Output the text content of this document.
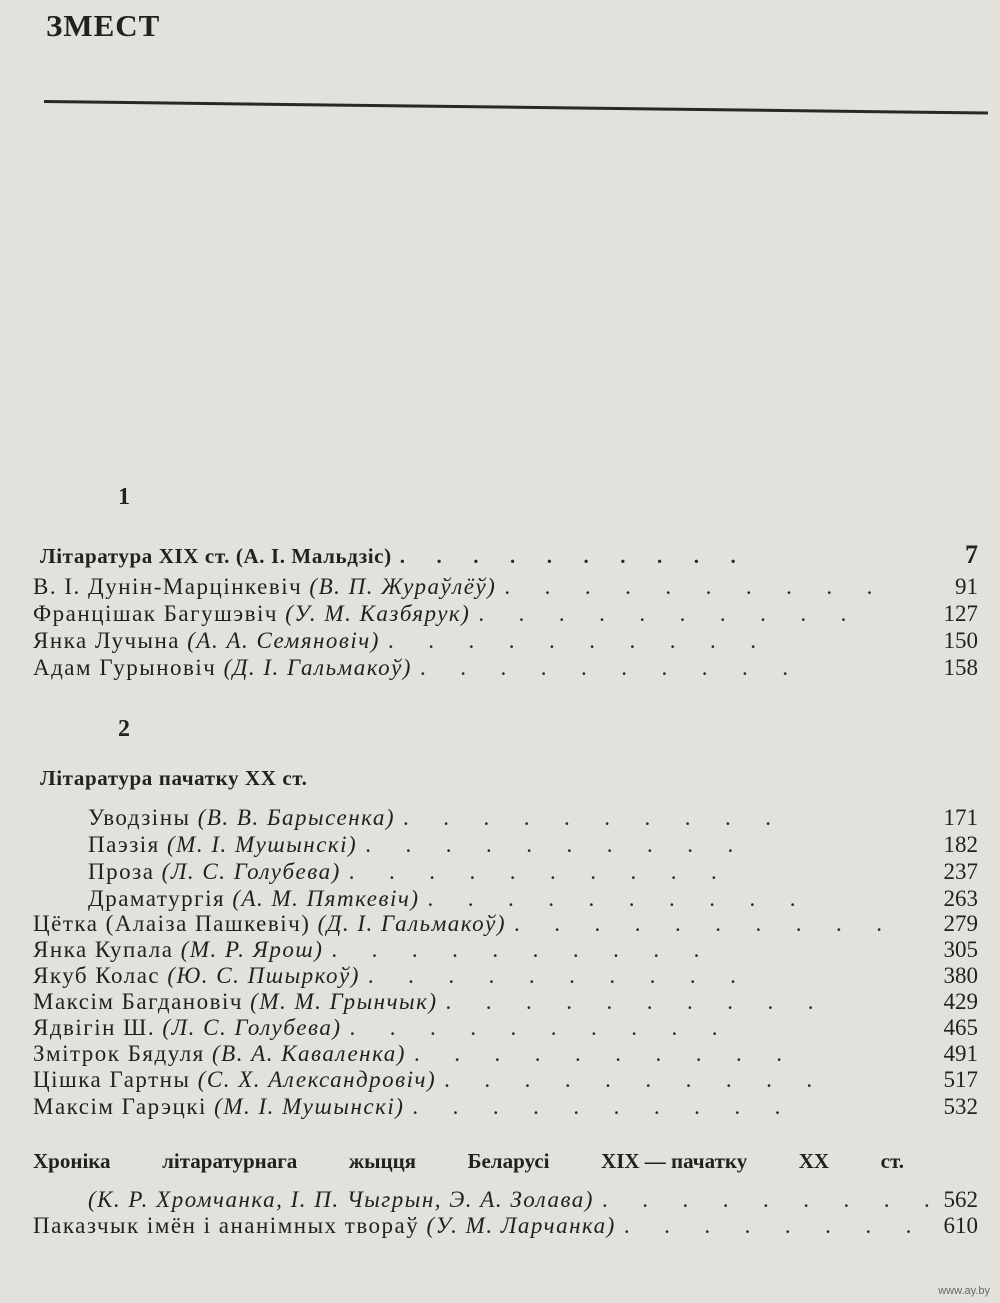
ЗМЕСТ
1
Літаратура XIX ст. (А. І. Мальдзіс) .	7
В. І. Дунін-Марцінкевіч (В. П. Жураўлёў) .	91
Францішак Багушэвіч (У. М. Казбярук) .	127
Янка Лучына (А. А. Семяновіч) .	150
Адам Гурыновіч (Д. І. Гальмакоў) .	158
2
Літаратура пачатку XX ст.
Уводзіны (В. В. Барысенка) .	171
Паэзія (М. І. Мушынскі) .	182
Проза (Л. С. Голубева) .	237
Драматургія (А. М. Пяткевіч) .	263
Цётка (Алаіза Пашкевіч) (Д. І. Гальмакоў) .	279
Янка Купала (М. Р. Ярош) .	305
Якуб Колас (Ю. С. Пшыркоў) .	380
Максім Багдановіч (М. М. Грынчык) .	429
Ядвігін Ш. (Л. С. Голубева) .	465
Змітрок Бядуля (В. А. Каваленка) .	491
Цішка Гартны (С. Х. Александровіч) .	517
Максім Гарэцкі (М. І. Мушынскі) .	532
Хроніка літаратурнага жыцця Беларусі XIX — пачатку XX ст.
(К. Р. Хромчанка, І. П. Чыгрын, Э. А. Золава) .	562
Паказчык імён і ананімных твораў (У. М. Ларчанка) .	610
www.ay.by
